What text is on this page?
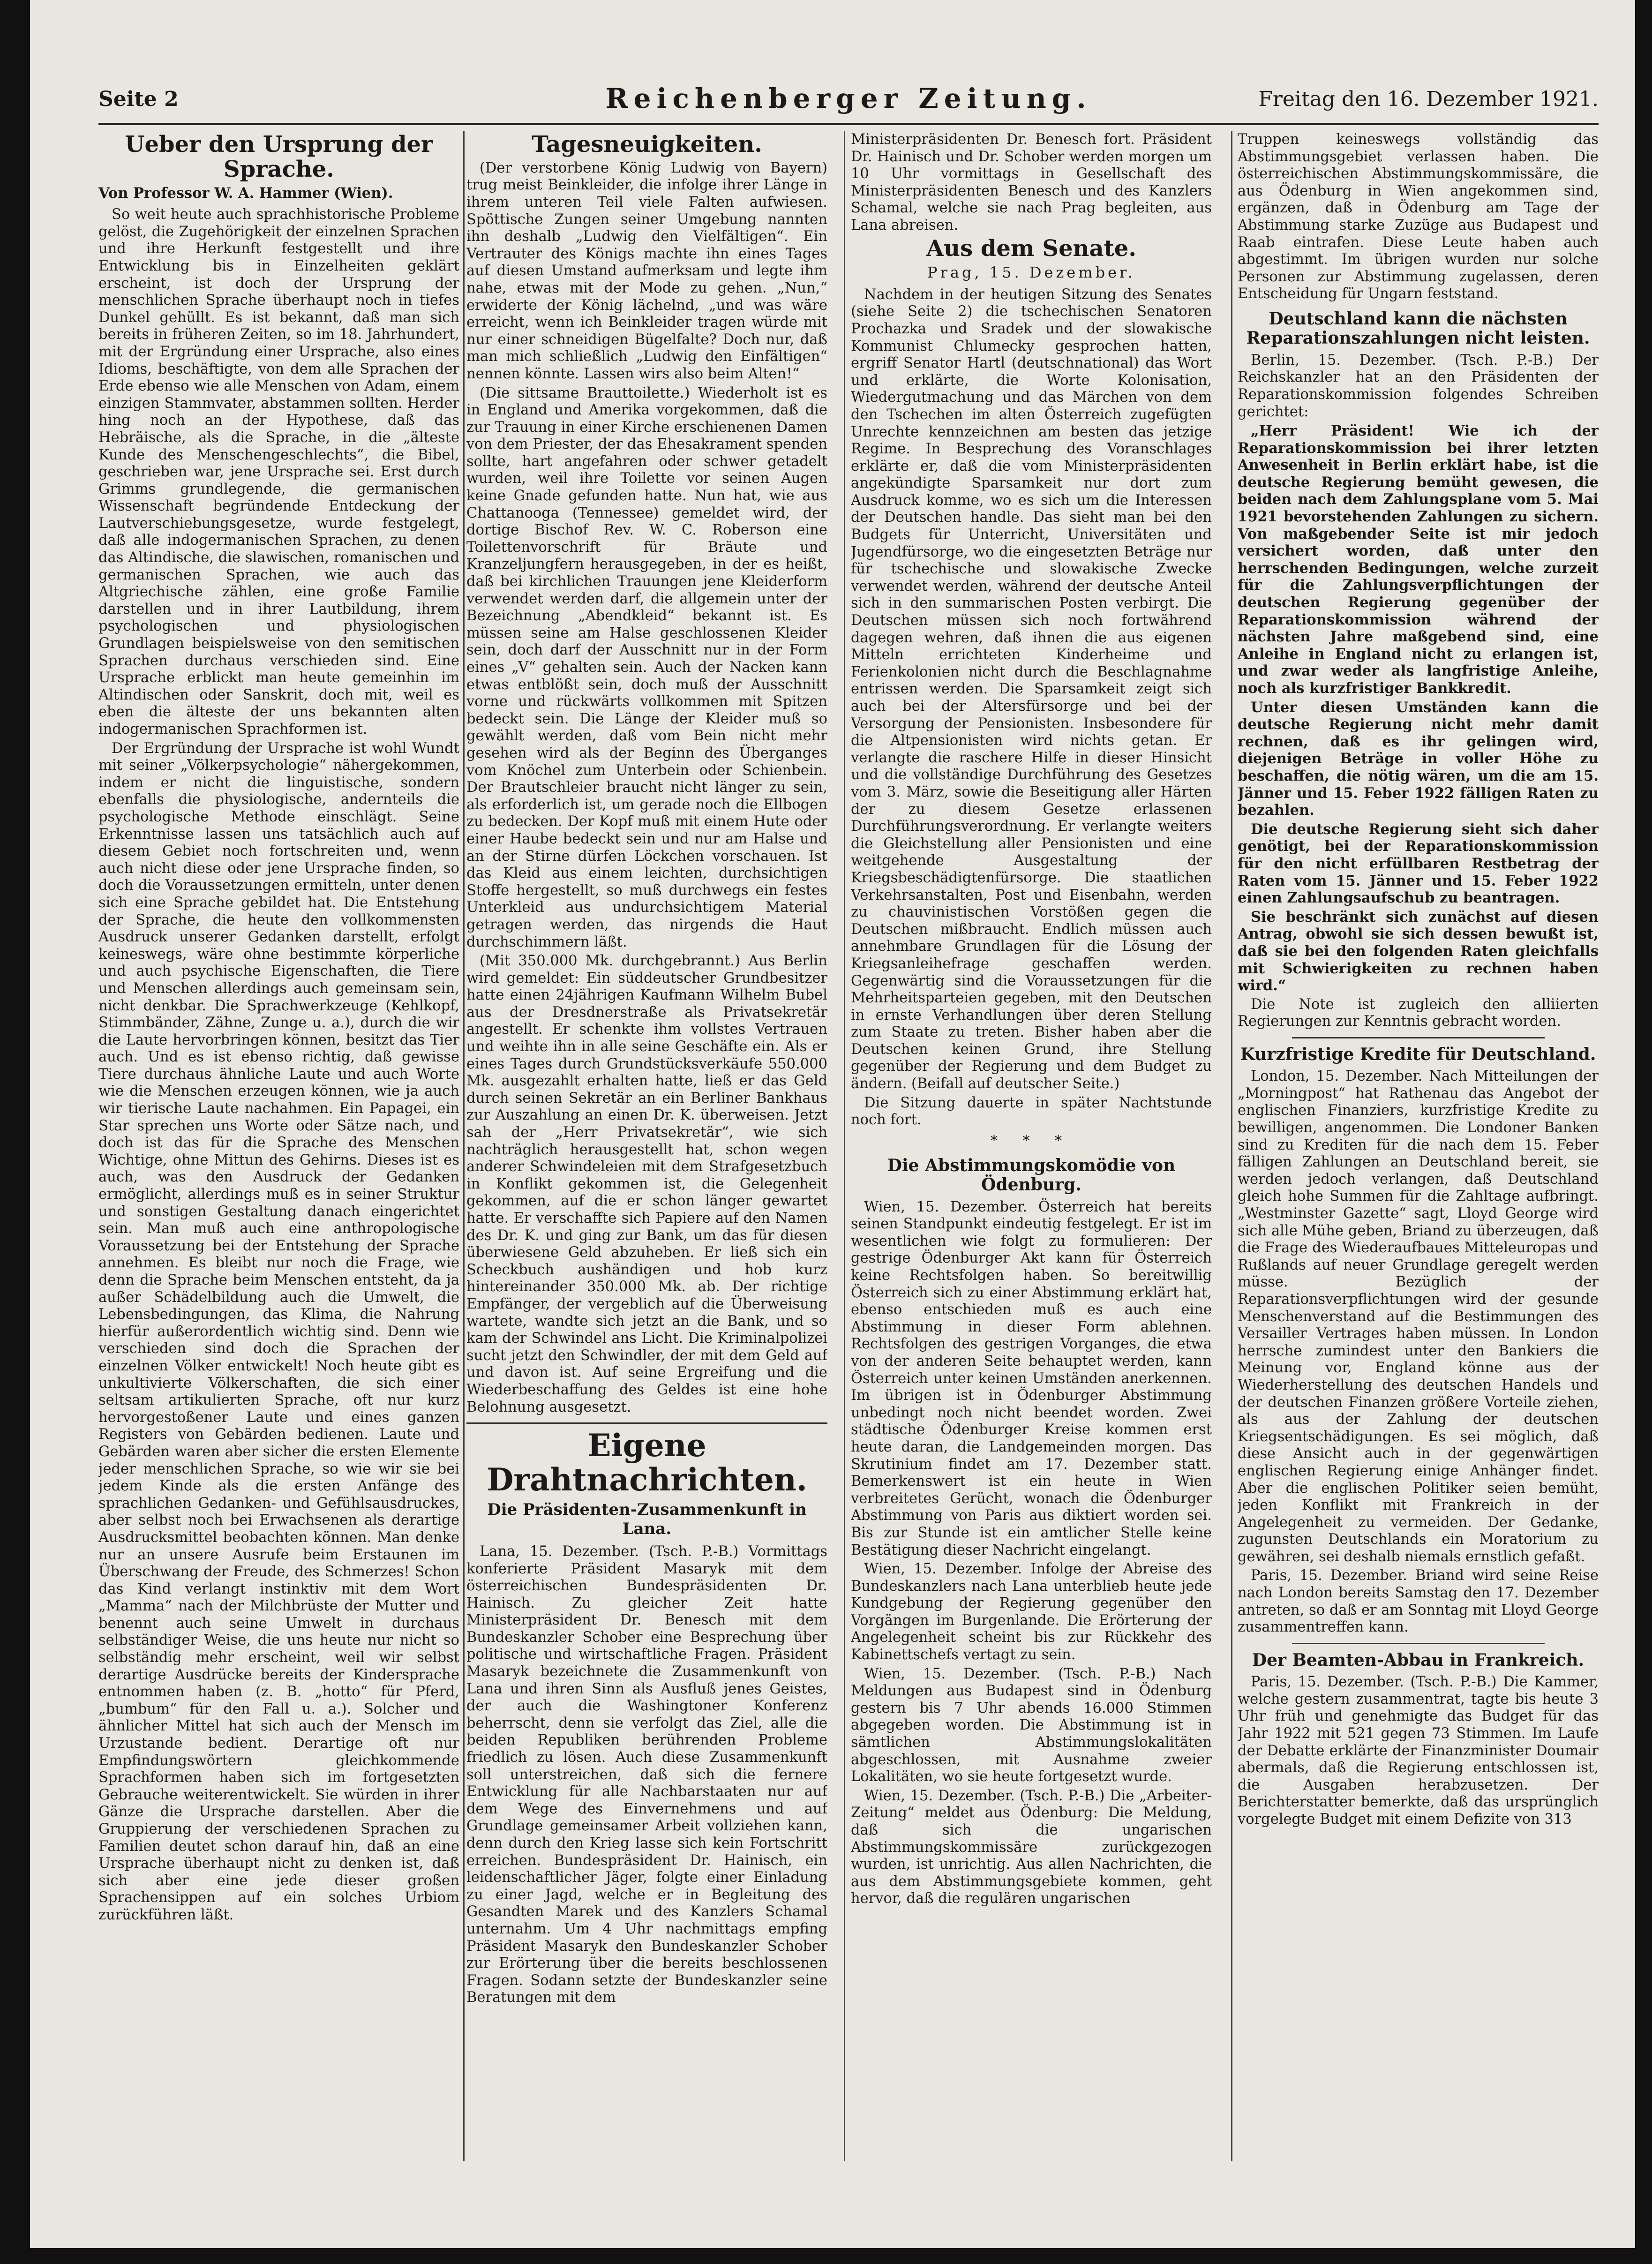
Seite 2	Reichenberger Zeitung.	Freitag den 16. Dezember 1921.
Ueber den Ursprung der Sprache.

Von Professor W. A. Hammer (Wien).

So weit heute auch sprachhistorische Probleme gelöst, die Zugehörigkeit der einzelnen Sprachen und ihre Herkunft festgestellt und ihre Entwicklung bis in Einzelheiten geklärt erscheint, ist doch der Ursprung der menschlichen Sprache überhaupt noch in tiefes Dunkel gehüllt. Es ist bekannt, daß man sich bereits in früheren Zeiten, so im 18. Jahrhundert, mit der Ergründung einer Ursprache, also eines Idioms, beschäftigte, von dem alle Sprachen der Erde ebenso wie alle Menschen von Adam, einem einzigen Stammvater, abstammen sollten. Herder hing noch an der Hypothese, daß das Hebräische, als die Sprache, in die „älteste Kunde des Menschengeschlechts“, die Bibel, geschrieben war, jene Ursprache sei. Erst durch Grimms grundlegende, die germanischen Wissenschaft begründende Entdeckung der Lautverschiebungsgesetze, wurde festgelegt, daß alle indogermanischen Sprachen, zu denen das Altindische, die slawischen, romanischen und germanischen Sprachen, wie auch das Altgriechische zählen, eine große Familie darstellen und in ihrer Lautbildung, ihrem psychologischen und physiologischen Grundlagen beispielsweise von den semitischen Sprachen durchaus verschieden sind. Eine Ursprache erblickt man heute gemeinhin im Altindischen oder Sanskrit, doch mit, weil es eben die älteste der uns bekannten alten indogermanischen Sprachformen ist.

Der Ergründung der Ursprache ist wohl Wundt mit seiner „Völkerpsychologie“ nähergekommen, indem er nicht die linguistische, sondern ebenfalls die physiologische, andernteils die psychologische Methode einschlägt. Seine Erkenntnisse lassen uns tatsächlich auch auf diesem Gebiet noch fortschreiten und, wenn auch nicht diese oder jene Ursprache finden, so doch die Voraussetzungen ermitteln, unter denen sich eine Sprache gebildet hat. Die Entstehung der Sprache, die heute den vollkommensten Ausdruck unserer Gedanken darstellt, erfolgt keineswegs, wäre ohne bestimmte körperliche und auch psychische Eigenschaften, die Tiere und Menschen allerdings auch gemeinsam sein, nicht denkbar. Die Sprachwerkzeuge (Kehlkopf, Stimmbänder, Zähne, Zunge u. a.), durch die wir die Laute hervorbringen können, besitzt das Tier auch. Und es ist ebenso richtig, daß gewisse Tiere durchaus ähnliche Laute und auch Worte wie die Menschen erzeugen können, wie ja auch wir tierische Laute nachahmen. Ein Papagei, ein Star sprechen uns Worte oder Sätze nach, und doch ist das für die Sprache des Menschen Wichtige, ohne Mittun des Gehirns. Dieses ist es auch, was den Ausdruck der Gedanken ermöglicht, allerdings muß es in seiner Struktur und sonstigen Gestaltung danach eingerichtet sein. Man muß auch eine anthropologische Voraussetzung bei der Entstehung der Sprache annehmen. Es bleibt nur noch die Frage, wie denn die Sprache beim Menschen entsteht, da ja außer Schädelbildung auch die Umwelt, die Lebensbedingungen, das Klima, die Nahrung hierfür außerordentlich wichtig sind. Denn wie verschieden sind doch die Sprachen der einzelnen Völker entwickelt! Noch heute gibt es unkultivierte Völkerschaften, die sich einer seltsam artikulierten Sprache, oft nur kurz hervorgestoßener Laute und eines ganzen Registers von Gebärden bedienen. Laute und Gebärden waren aber sicher die ersten Elemente jeder menschlichen Sprache, so wie wir sie bei jedem Kinde als die ersten Anfänge des sprachlichen Gedanken- und Gefühlsausdruckes, aber selbst noch bei Erwachsenen als derartige Ausdrucksmittel beobachten können. Man denke nur an unsere Ausrufe beim Erstaunen im Überschwang der Freude, des Schmerzes! Schon das Kind verlangt instinktiv mit dem Wort „Mamma“ nach der Milchbrüste der Mutter und benennt auch seine Umwelt in durchaus selbständiger Weise, die uns heute nur nicht so selbständig mehr erscheint, weil wir selbst derartige Ausdrücke bereits der Kindersprache entnommen haben (z. B. „hotto“ für Pferd, „bumbum“ für den Fall u. a.). Solcher und ähnlicher Mittel hat sich auch der Mensch im Urzustande bedient. Derartige oft nur Empfindungswörtern gleichkommende Sprachformen haben sich im fortgesetzten Gebrauche weiterentwickelt. Sie würden in ihrer Gänze die Ursprache darstellen. Aber die Gruppierung der verschiedenen Sprachen zu Familien deutet schon darauf hin, daß an eine Ursprache überhaupt nicht zu denken ist, daß sich aber eine jede dieser großen Sprachensippen auf ein solches Urbiom zurückführen läßt.

Tagesneuigkeiten.

(Der verstorbene König Ludwig von Bayern) trug meist Beinkleider, die infolge ihrer Länge in ihrem unteren Teil viele Falten aufwiesen. Spöttische Zungen seiner Umgebung nannten ihn deshalb „Ludwig den Vielfältigen“. Ein Vertrauter des Königs machte ihn eines Tages auf diesen Umstand aufmerksam und legte ihm nahe, etwas mit der Mode zu gehen. „Nun,“ erwiderte der König lächelnd, „und was wäre erreicht, wenn ich Beinkleider tragen würde mit nur einer schneidigen Bügelfalte? Doch nur, daß man mich schließlich „Ludwig den Einfältigen“ nennen könnte. Lassen wirs also beim Alten!“

(Die sittsame Brauttoilette.) Wiederholt ist es in England und Amerika vorgekommen, daß die zur Trauung in einer Kirche erschienenen Damen von dem Priester, der das Ehesakrament spenden sollte, hart angefahren oder schwer getadelt wurden, weil ihre Toilette vor seinen Augen keine Gnade gefunden hatte. Nun hat, wie aus Chattanooga (Tennessee) gemeldet wird, der dortige Bischof Rev. W. C. Roberson eine Toilettenvorschrift für Bräute und Kranzeljungfern herausgegeben, in der es heißt, daß bei kirchlichen Trauungen jene Kleiderform verwendet werden darf, die allgemein unter der Bezeichnung „Abendkleid“ bekannt ist. Es müssen seine am Halse geschlossenen Kleider sein, doch darf der Ausschnitt nur in der Form eines „V“ gehalten sein. Auch der Nacken kann etwas entblößt sein, doch muß der Ausschnitt vorne und rückwärts vollkommen mit Spitzen bedeckt sein. Die Länge der Kleider muß so gewählt werden, daß vom Bein nicht mehr gesehen wird als der Beginn des Überganges vom Knöchel zum Unterbein oder Schienbein. Der Brautschleier braucht nicht länger zu sein, als erforderlich ist, um gerade noch die Ellbogen zu bedecken. Der Kopf muß mit einem Hute oder einer Haube bedeckt sein und nur am Halse und an der Stirne dürfen Löckchen vorschauen. Ist das Kleid aus einem leichten, durchsichtigen Stoffe hergestellt, so muß durchwegs ein festes Unterkleid aus undurchsichtigem Material getragen werden, das nirgends die Haut durchschimmern läßt.

(Mit 350.000 Mk. durchgebrannt.) Aus Berlin wird gemeldet: Ein süddeutscher Grundbesitzer hatte einen 24jährigen Kaufmann Wilhelm Bubel aus der Dresdnerstraße als Privatsekretär angestellt. Er schenkte ihm vollstes Vertrauen und weihte ihn in alle seine Geschäfte ein. Als er eines Tages durch Grundstücksverkäufe 550.000 Mk. ausgezahlt erhalten hatte, ließ er das Geld durch seinen Sekretär an ein Berliner Bankhaus zur Auszahlung an einen Dr. K. überweisen. Jetzt sah der „Herr Privatsekretär“, wie sich nachträglich herausgestellt hat, schon wegen anderer Schwindeleien mit dem Strafgesetzbuch in Konflikt gekommen ist, die Gelegenheit gekommen, auf die er schon länger gewartet hatte. Er verschaffte sich Papiere auf den Namen des Dr. K. und ging zur Bank, um das für diesen überwiesene Geld abzuheben. Er ließ sich ein Scheckbuch aushändigen und hob kurz hintereinander 350.000 Mk. ab. Der richtige Empfänger, der vergeblich auf die Überweisung wartete, wandte sich jetzt an die Bank, und so kam der Schwindel ans Licht. Die Kriminalpolizei sucht jetzt den Schwindler, der mit dem Geld auf und davon ist. Auf seine Ergreifung und die Wiederbeschaffung des Geldes ist eine hohe Belohnung ausgesetzt.

Eigene Drahtnachrichten.
Die Präsidenten-Zusammenkunft in Lana.

Lana, 15. Dezember. (Tsch. P.-B.) Vormittags konferierte Präsident Masaryk mit dem österreichischen Bundespräsidenten Dr. Hainisch. Zu gleicher Zeit hatte Ministerpräsident Dr. Benesch mit dem Bundeskanzler Schober eine Besprechung über politische und wirtschaftliche Fragen. Präsident Masaryk bezeichnete die Zusammenkunft von Lana und ihren Sinn als Ausfluß jenes Geistes, der auch die Washingtoner Konferenz beherrscht, denn sie verfolgt das Ziel, alle die beiden Republiken berührenden Probleme friedlich zu lösen. Auch diese Zusammenkunft soll unterstreichen, daß sich die fernere Entwicklung für alle Nachbarstaaten nur auf dem Wege des Einvernehmens und auf Grundlage gemeinsamer Arbeit vollziehen kann, denn durch den Krieg lasse sich kein Fortschritt erreichen. Bundespräsident Dr. Hainisch, ein leidenschaftlicher Jäger, folgte einer Einladung zu einer Jagd, welche er in Begleitung des Gesandten Marek und des Kanzlers Schamal unternahm. Um 4 Uhr nachmittags empfing Präsident Masaryk den Bundeskanzler Schober zur Erörterung über die bereits beschlossenen Fragen. Sodann setzte der Bundeskanzler seine Beratungen mit dem

Ministerpräsidenten Dr. Benesch fort. Präsident Dr. Hainisch und Dr. Schober werden morgen um 10 Uhr vormittags in Gesellschaft des Ministerpräsidenten Benesch und des Kanzlers Schamal, welche sie nach Prag begleiten, aus Lana abreisen.

Aus dem Senate.
Prag, 15. Dezember.

Nachdem in der heutigen Sitzung des Senates (siehe Seite 2) die tschechischen Senatoren Prochazka und Sradek und der slowakische Kommunist Chlumecky gesprochen hatten, ergriff Senator Hartl (deutschnational) das Wort und erklärte, die Worte Kolonisation, Wiedergutmachung und das Märchen von dem den Tschechen im alten Österreich zugefügten Unrechte kennzeichnen am besten das jetzige Regime. In Besprechung des Voranschlages erklärte er, daß die vom Ministerpräsidenten angekündigte Sparsamkeit nur dort zum Ausdruck komme, wo es sich um die Interessen der Deutschen handle. Das sieht man bei den Budgets für Unterricht, Universitäten und Jugendfürsorge, wo die eingesetzten Beträge nur für tschechische und slowakische Zwecke verwendet werden, während der deutsche Anteil sich in den summarischen Posten verbirgt. Die Deutschen müssen sich noch fortwährend dagegen wehren, daß ihnen die aus eigenen Mitteln errichteten Kinderheime und Ferienkolonien nicht durch die Beschlagnahme entrissen werden. Die Sparsamkeit zeigt sich auch bei der Altersfürsorge und bei der Versorgung der Pensionisten. Insbesondere für die Altpensionisten wird nichts getan. Er verlangte die raschere Hilfe in dieser Hinsicht und die vollständige Durchführung des Gesetzes vom 3. März, sowie die Beseitigung aller Härten der zu diesem Gesetze erlassenen Durchführungsverordnung. Er verlangte weiters die Gleichstellung aller Pensionisten und eine weitgehende Ausgestaltung der Kriegsbeschädigtenfürsorge. Die staatlichen Verkehrsanstalten, Post und Eisenbahn, werden zu chauvinistischen Vorstößen gegen die Deutschen mißbraucht. Endlich müssen auch annehmbare Grundlagen für die Lösung der Kriegsanleihefrage geschaffen werden. Gegenwärtig sind die Voraussetzungen für die Mehrheitsparteien gegeben, mit den Deutschen in ernste Verhandlungen über deren Stellung zum Staate zu treten. Bisher haben aber die Deutschen keinen Grund, ihre Stellung gegenüber der Regierung und dem Budget zu ändern. (Beifall auf deutscher Seite.)

Die Sitzung dauerte in später Nachtstunde noch fort.

* * *
Die Abstimmungskomödie von Ödenburg.

Wien, 15. Dezember. Österreich hat bereits seinen Standpunkt eindeutig festgelegt. Er ist im wesentlichen wie folgt zu formulieren: Der gestrige Ödenburger Akt kann für Österreich keine Rechtsfolgen haben. So bereitwillig Österreich sich zu einer Abstimmung erklärt hat, ebenso entschieden muß es auch eine Abstimmung in dieser Form ablehnen. Rechtsfolgen des gestrigen Vorganges, die etwa von der anderen Seite behauptet werden, kann Österreich unter keinen Umständen anerkennen. Im übrigen ist in Ödenburger Abstimmung unbedingt noch nicht beendet worden. Zwei städtische Ödenburger Kreise kommen erst heute daran, die Landgemeinden morgen. Das Skrutinium findet am 17. Dezember statt. Bemerkenswert ist ein heute in Wien verbreitetes Gerücht, wonach die Ödenburger Abstimmung von Paris aus diktiert worden sei. Bis zur Stunde ist ein amtlicher Stelle keine Bestätigung dieser Nachricht eingelangt.

Wien, 15. Dezember. Infolge der Abreise des Bundeskanzlers nach Lana unterblieb heute jede Kundgebung der Regierung gegenüber den Vorgängen im Burgenlande. Die Erörterung der Angelegenheit scheint bis zur Rückkehr des Kabinettschefs vertagt zu sein.

Wien, 15. Dezember. (Tsch. P.-B.) Nach Meldungen aus Budapest sind in Ödenburg gestern bis 7 Uhr abends 16.000 Stimmen abgegeben worden. Die Abstimmung ist in sämtlichen Abstimmungslokalitäten abgeschlossen, mit Ausnahme zweier Lokalitäten, wo sie heute fortgesetzt wurde.

Wien, 15. Dezember. (Tsch. P.-B.) Die „Arbeiter-Zeitung“ meldet aus Ödenburg: Die Meldung, daß sich die ungarischen Abstimmungskommissäre zurückgezogen wurden, ist unrichtig. Aus allen Nachrichten, die aus dem Abstimmungsgebiete kommen, geht hervor, daß die regulären ungarischen

Truppen keineswegs vollständig das Abstimmungsgebiet verlassen haben. Die österreichischen Abstimmungskommissäre, die aus Ödenburg in Wien angekommen sind, ergänzen, daß in Ödenburg am Tage der Abstimmung starke Zuzüge aus Budapest und Raab eintrafen. Diese Leute haben auch abgestimmt. Im übrigen wurden nur solche Personen zur Abstimmung zugelassen, deren Entscheidung für Ungarn feststand.

Deutschland kann die nächsten Reparationszahlungen nicht leisten.

Berlin, 15. Dezember. (Tsch. P.-B.) Der Reichskanzler hat an den Präsidenten der Reparationskommission folgendes Schreiben gerichtet:

„Herr Präsident! Wie ich der Reparationskommission bei ihrer letzten Anwesenheit in Berlin erklärt habe, ist die deutsche Regierung bemüht gewesen, die beiden nach dem Zahlungsplane vom 5. Mai 1921 bevorstehenden Zahlungen zu sichern. Von maßgebender Seite ist mir jedoch versichert worden, daß unter den herrschenden Bedingungen, welche zurzeit für die Zahlungsverpflichtungen der deutschen Regierung gegenüber der Reparationskommission während der nächsten Jahre maßgebend sind, eine Anleihe in England nicht zu erlangen ist, und zwar weder als langfristige Anleihe, noch als kurzfristiger Bankkredit.

Unter diesen Umständen kann die deutsche Regierung nicht mehr damit rechnen, daß es ihr gelingen wird, diejenigen Beträge in voller Höhe zu beschaffen, die nötig wären, um die am 15. Jänner und 15. Feber 1922 fälligen Raten zu bezahlen.

Die deutsche Regierung sieht sich daher genötigt, bei der Reparationskommission für den nicht erfüllbaren Restbetrag der Raten vom 15. Jänner und 15. Feber 1922 einen Zahlungsaufschub zu beantragen.

Sie beschränkt sich zunächst auf diesen Antrag, obwohl sie sich dessen bewußt ist, daß sie bei den folgenden Raten gleichfalls mit Schwierigkeiten zu rechnen haben wird.“

Die Note ist zugleich den alliierten Regierungen zur Kenntnis gebracht worden.

Kurzfristige Kredite für Deutschland.

London, 15. Dezember. Nach Mitteilungen der „Morningpost“ hat Rathenau das Angebot der englischen Finanziers, kurzfristige Kredite zu bewilligen, angenommen. Die Londoner Banken sind zu Krediten für die nach dem 15. Feber fälligen Zahlungen an Deutschland bereit, sie werden jedoch verlangen, daß Deutschland gleich hohe Summen für die Zahltage aufbringt. „Westminster Gazette“ sagt, Lloyd George wird sich alle Mühe geben, Briand zu überzeugen, daß die Frage des Wiederaufbaues Mitteleuropas und Rußlands auf neuer Grundlage geregelt werden müsse. Bezüglich der Reparationsverpflichtungen wird der gesunde Menschenverstand auf die Bestimmungen des Versailler Vertrages haben müssen. In London herrsche zumindest unter den Bankiers die Meinung vor, England könne aus der Wiederherstellung des deutschen Handels und der deutschen Finanzen größere Vorteile ziehen, als aus der Zahlung der deutschen Kriegsentschädigungen. Es sei möglich, daß diese Ansicht auch in der gegenwärtigen englischen Regierung einige Anhänger findet. Aber die englischen Politiker seien bemüht, jeden Konflikt mit Frankreich in der Angelegenheit zu vermeiden. Der Gedanke, zugunsten Deutschlands ein Moratorium zu gewähren, sei deshalb niemals ernstlich gefaßt.

Paris, 15. Dezember. Briand wird seine Reise nach London bereits Samstag den 17. Dezember antreten, so daß er am Sonntag mit Lloyd George zusammentreffen kann.

Der Beamten-Abbau in Frankreich.

Paris, 15. Dezember. (Tsch. P.-B.) Die Kammer, welche gestern zusammentrat, tagte bis heute 3 Uhr früh und genehmigte das Budget für das Jahr 1922 mit 521 gegen 73 Stimmen. Im Laufe der Debatte erklärte der Finanzminister Doumair abermals, daß die Regierung entschlossen ist, die Ausgaben herabzusetzen. Der Berichterstatter bemerkte, daß das ursprünglich vorgelegte Budget mit einem Defizite von 313
